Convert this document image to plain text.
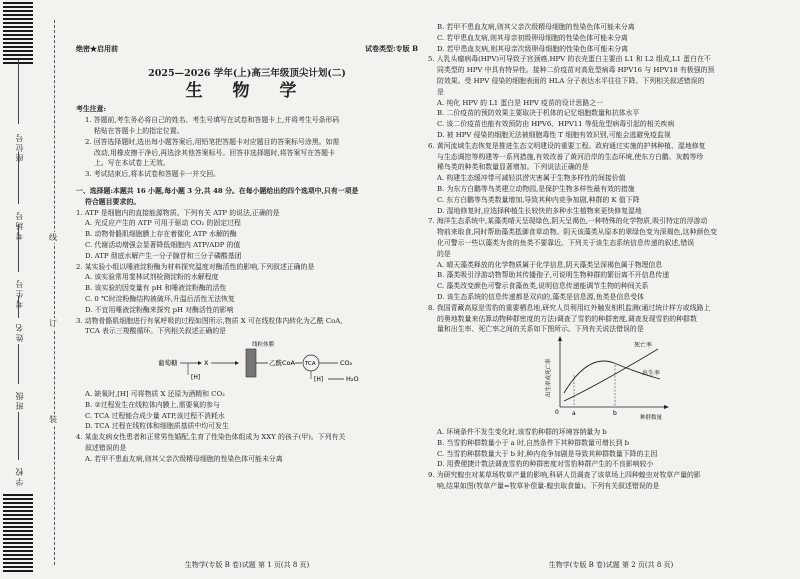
座位号
考场号
考生号
姓名
班级
学校
线
订
装
绝密★启用前	试卷类型:专版 B
2025—2026 学年(上)高三年级顶尖计划(二)
生 物 学

考生注意:

1. 答题前,考生务必将自己的姓名、考生号填写在试卷和答题卡上,并将考生号条形码

粘贴在答题卡上的指定位置。

2. 回答选择题时,选出每小题答案后,用铅笔把答题卡对应题目的答案标号涂黑。如需

改动,用橡皮擦干净后,再选涂其他答案标号。回答非选择题时,将答案写在答题卡

上。写在本试卷上无效。

3. 考试结束后,将本试卷和答题卡一并交回。

一、选择题:本题共 16 小题,每小题 3 分,共 48 分。在每小题给出的四个选项中,只有一项是

符合题目要求的。

1. ATP 是细胞内的直接能源物质。下列有关 ATP 的说法,正确的是

A. 光反应产生的 ATP 可用于驱动 CO₂ 的固定过程

B. 动物骨骼肌细胞膜上存在着催化 ATP 水解的酶

C. 代谢活动增强会显著降低细胞内 ATP/ADP 的值

D. ATP 彻底水解产生一分子腺苷和三分子磷酸基团

2. 某实验小组以唾液淀粉酶为材料探究温度对酶活性的影响,下列叙述正确的是

A. 该实验常用斐林试剂检测淀粉的水解程度

B. 该实验的因变量有 pH 和唾液淀粉酶的活性

C. 0 ℃时淀粉酶结构被破坏,升温后活性无法恢复

D. 不宜用唾液淀粉酶来探究 pH 对酶活性的影响

3. 动物骨骼肌细胞进行有氧呼吸的过程如图所示,物质 X 可在线粒体内转化为乙酰 CoA,

TCA 表示三羧酸循环。下列相关叙述正确的是

葡萄糖	X
[H]
线粒体膜
乙酰CoA TCA	CO₂
[H]	H₂O

A. 缺氧时,[H] 可将物质 X 还原为酒精和 CO₂

B. ②过程发生在线粒体内膜上,需要氧的参与

C. TCA 过程能合成少量 ATP,该过程不消耗水

D. TCA 过程在线粒体和细胞质基质中均可发生

4. 某血友病女性患者和正常男性婚配,生育了性染色体组成为 XXY 的孩子(甲)。下列有关

叙述错误的是

A. 若甲不患血友病,则其父亲次级精母细胞的性染色体可能未分离

生物学(专版 B 卷)试题 第 1 页(共 8 页)

B. 若甲不患血友病,则其父亲次级精母细胞的性染色体可能未分离

C. 若甲患血友病,则其母亲初级卵母细胞的性染色体可能未分离

D. 若甲患血友病,则其母亲次级卵母细胞的性染色体可能未分离

5. 人乳头瘤病毒(HPV)可导致子宫颈癌,HPV 的衣壳蛋白主要由 L1 和 L2 组成,L1 蛋白在不

同类型的 HPV 中具有特异性。接种二价疫苗对高危型病毒 HPV16 与 HPV18 有极强的预

防效果。受 HPV 侵染的细胞表面的 HLA 分子表达水平往往下降。下列相关叙述错误的

是

A. 纯化 HPV 的 L1 蛋白是 HPV 疫苗的设计思路之一

B. 二价疫苗的预防效果主要取决于机体的记忆细胞数量和抗体水平

C. 该二价疫苗也能有效预防由 HPV6、HPV11 等低危型病毒引起的相关疾病

D. 被 HPV 侵染的细胞无法被细胞毒性 T 细胞有效识别,可能会逃避免疫监视

6. 黄河流域生态恢复是推进生态文明建设的重要工程。政府通过实施的护林种植、湿地修复

与生态调控等构建等一系列措施,有效改善了黄河沿岸的生态环境,使东方白鹳、灰鹤等珍

稀鸟类的种类和数量显著增加。下列说法正确的是

A. 构建生态缓冲带可减轻洪涝灾害属于生物多样性的间接价值

B. 为东方白鹳等鸟类建立动物园,是保护生物多样性最有效的措施

C. 东方白鹳等鸟类数量增加,导致其种内竞争加剧,种群的 K 值下降

D. 湿地修复时,应选择种植生长较快的多种水生植物来更快修复湿地

7. 海洋生态系统中,某藻类晴天呈现绿色,阴天呈褐色,一种特殊的化学物质,吸引特定的浮游动

物前来取食,同时帮助藻类抵御食草动物。阴天该藻类从原本的翠绿色变为深褐色,这种颜色变

化可警示一些以藻类为食的鱼类不要靠近。下列关于该生态系统信息传递的叙述,错误

的是

A. 晴天藻类释放的化学物质属于化学信息,阴天藻类呈深褐色属于物理信息

B. 藻类吸引浮游动物帮助其传播孢子,可说明生物种群的繁衍离不开信息传递

C. 藻类改变颜色可警示食藻鱼类,说明信息传递能调节生物的种间关系

D. 该生态系统的信息传递都是双向的,藻类是信息源,鱼类是信息受体

8. 我国青藏高原是雪豹的重要栖息地,研究人员利用红外触发相机监测(通过统计样方或线路上

的奥地数量来估算动物种群密度的方法)调查了雪豹的种群密度,调查发现雪豹的种群数

量和出生率、死亡率之间的关系如下图所示。下列有关说法错误的是

出生率或死亡率
死亡率
出生率
0 a	b
种群数量

A. 环境条件不发生变化时,该雪豹种群的环境容纳量为 b

B. 当雪豹种群数量小于 a 时,自然条件下其种群数量可增长到 b

C. 当雪豹种群数量大于 b 时,种内竞争加剧是导致其种群数量下降的主因

D. 用费便捷计数法调查雪豹的种群密度对雪豹种群产生的不良影响较小

9. 为研究蝗虫对某草场牧草产量的影响,科研人员调查了该草场上四种蝗虫对牧草产量的影

响,结果如图(牧草产量=牧草补偿量-蝗虫取食量)。下列有关叙述错误的是

生物学(专版 B 卷)试题 第 2 页(共 8 页)
